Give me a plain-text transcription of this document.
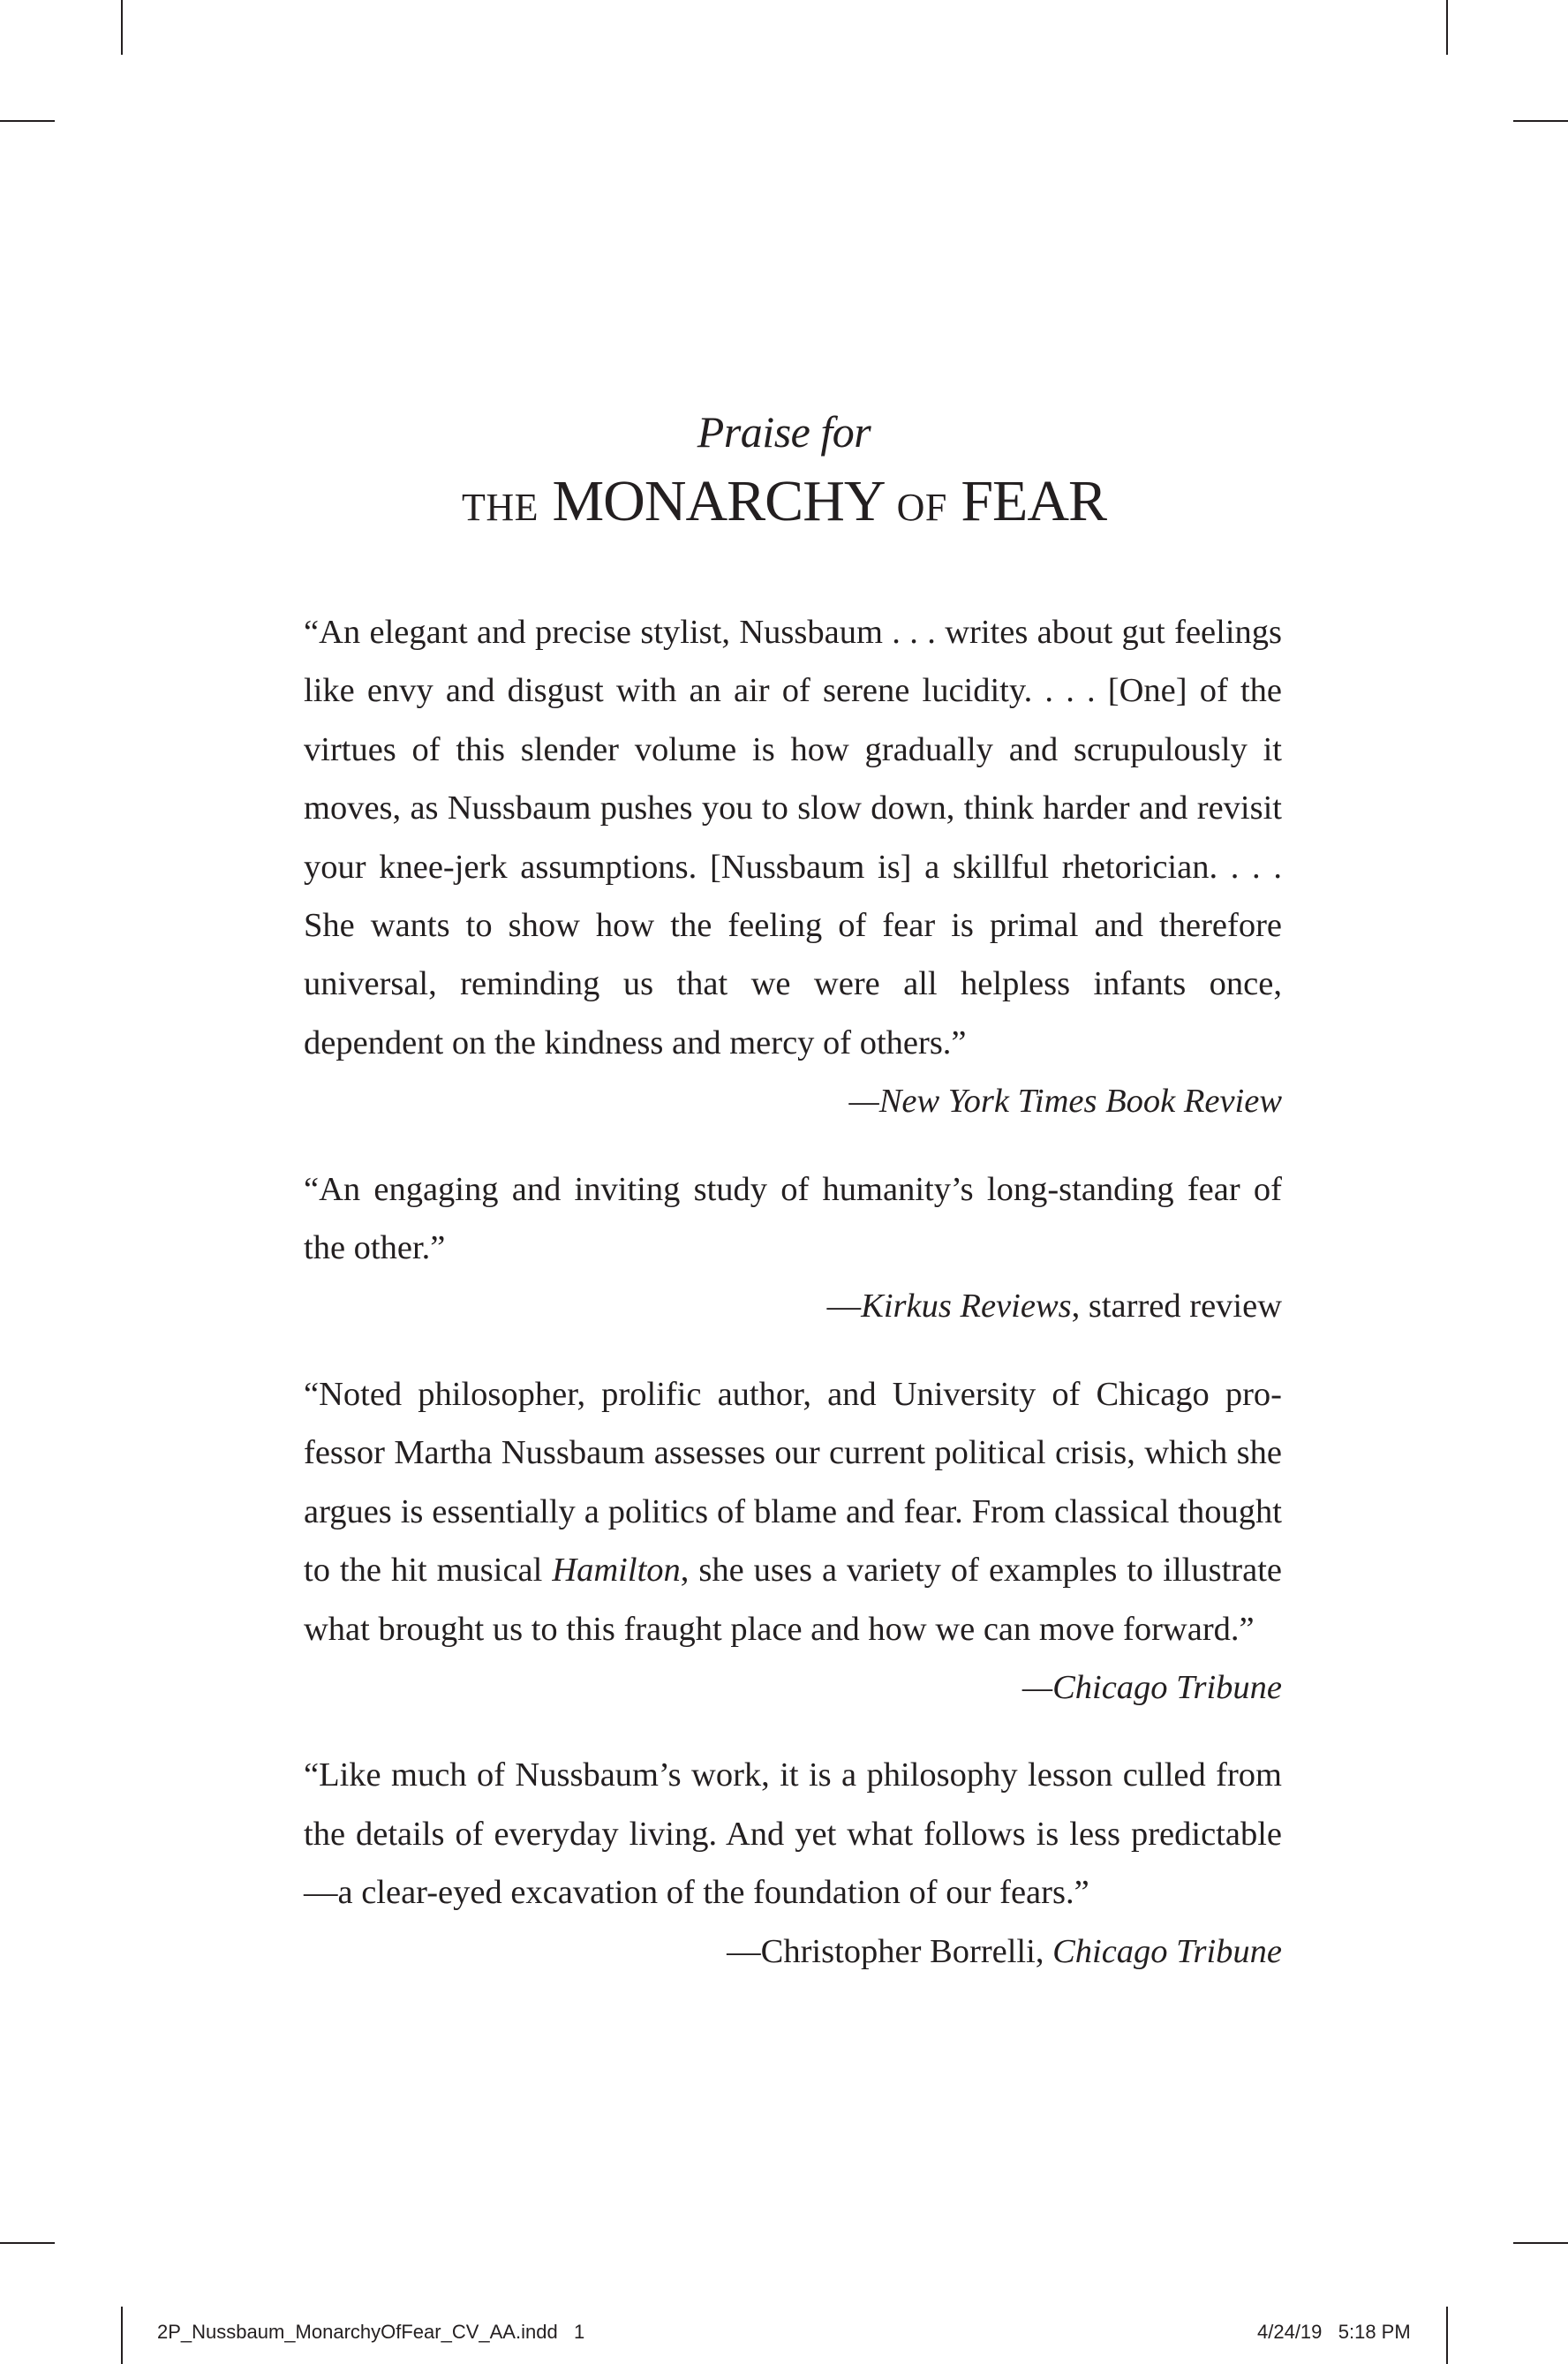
Praise for
THE MONARCHY OF FEAR

“An elegant and precise stylist, Nussbaum . . . writes about gut feelings like envy and disgust with an air of serene lucidity. . . . [One] of the virtues of this slender volume is how gradually and scrupulously it moves, as Nussbaum pushes you to slow down, think harder and revisit your knee-jerk assumptions. [Nussbaum is] a skillful rhetorician. . . . She wants to show how the feeling of fear is primal and therefore universal, reminding us that we were all helpless infants once, dependent on the kindness and mercy of others.”

—New York Times Book Review

“An engaging and inviting study of humanity’s long-standing fear of the other.”

—Kirkus Reviews, starred review

“Noted philosopher, prolific author, and University of Chicago professor Martha Nussbaum assesses our current political crisis, which she argues is essentially a politics of blame and fear. From classical thought to the hit musical Hamilton, she uses a variety of examples to illustrate what brought us to this fraught place and how we can move forward.”

—Chicago Tribune

“Like much of Nussbaum’s work, it is a philosophy lesson culled from the details of everyday living. And yet what follows is less predictable—a clear-eyed excavation of the foundation of our fears.”

—Christopher Borrelli, Chicago Tribune

2P_Nussbaum_MonarchyOfFear_CV_AA.indd   1	4/24/19   5:18 PM
